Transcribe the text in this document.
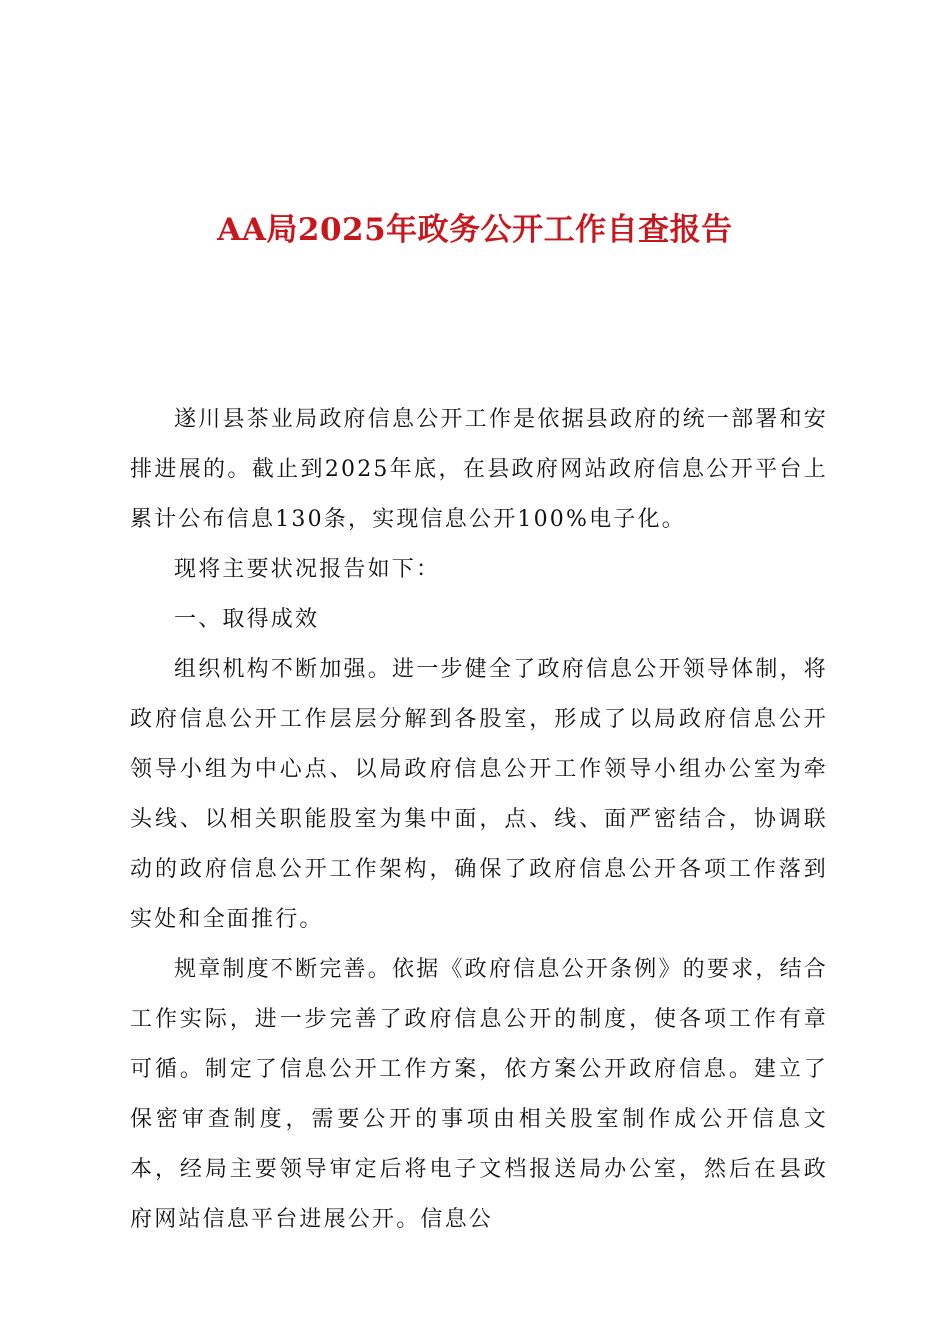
AA局2025年政务公开工作自查报告

遂川县茶业局政府信息公开工作是依据县政府的统一部署和安排进展的。截止到2025年底，在县政府网站政府信息公开平台上累计公布信息130条，实现信息公开100%电子化。

现将主要状况报告如下：

一、取得成效

组织机构不断加强。进一步健全了政府信息公开领导体制，将政府信息公开工作层层分解到各股室，形成了以局政府信息公开领导小组为中心点、以局政府信息公开工作领导小组办公室为牵头线、以相关职能股室为集中面，点、线、面严密结合，协调联动的政府信息公开工作架构，确保了政府信息公开各项工作落到实处和全面推行。

规章制度不断完善。依据《政府信息公开条例》的要求，结合工作实际，进一步完善了政府信息公开的制度，使各项工作有章可循。制定了信息公开工作方案，依方案公开政府信息。建立了保密审查制度，需要公开的事项由相关股室制作成公开信息文本，经局主要领导审定后将电子文档报送局办公室，然后在县政府网站信息平台进展公开。信息公
